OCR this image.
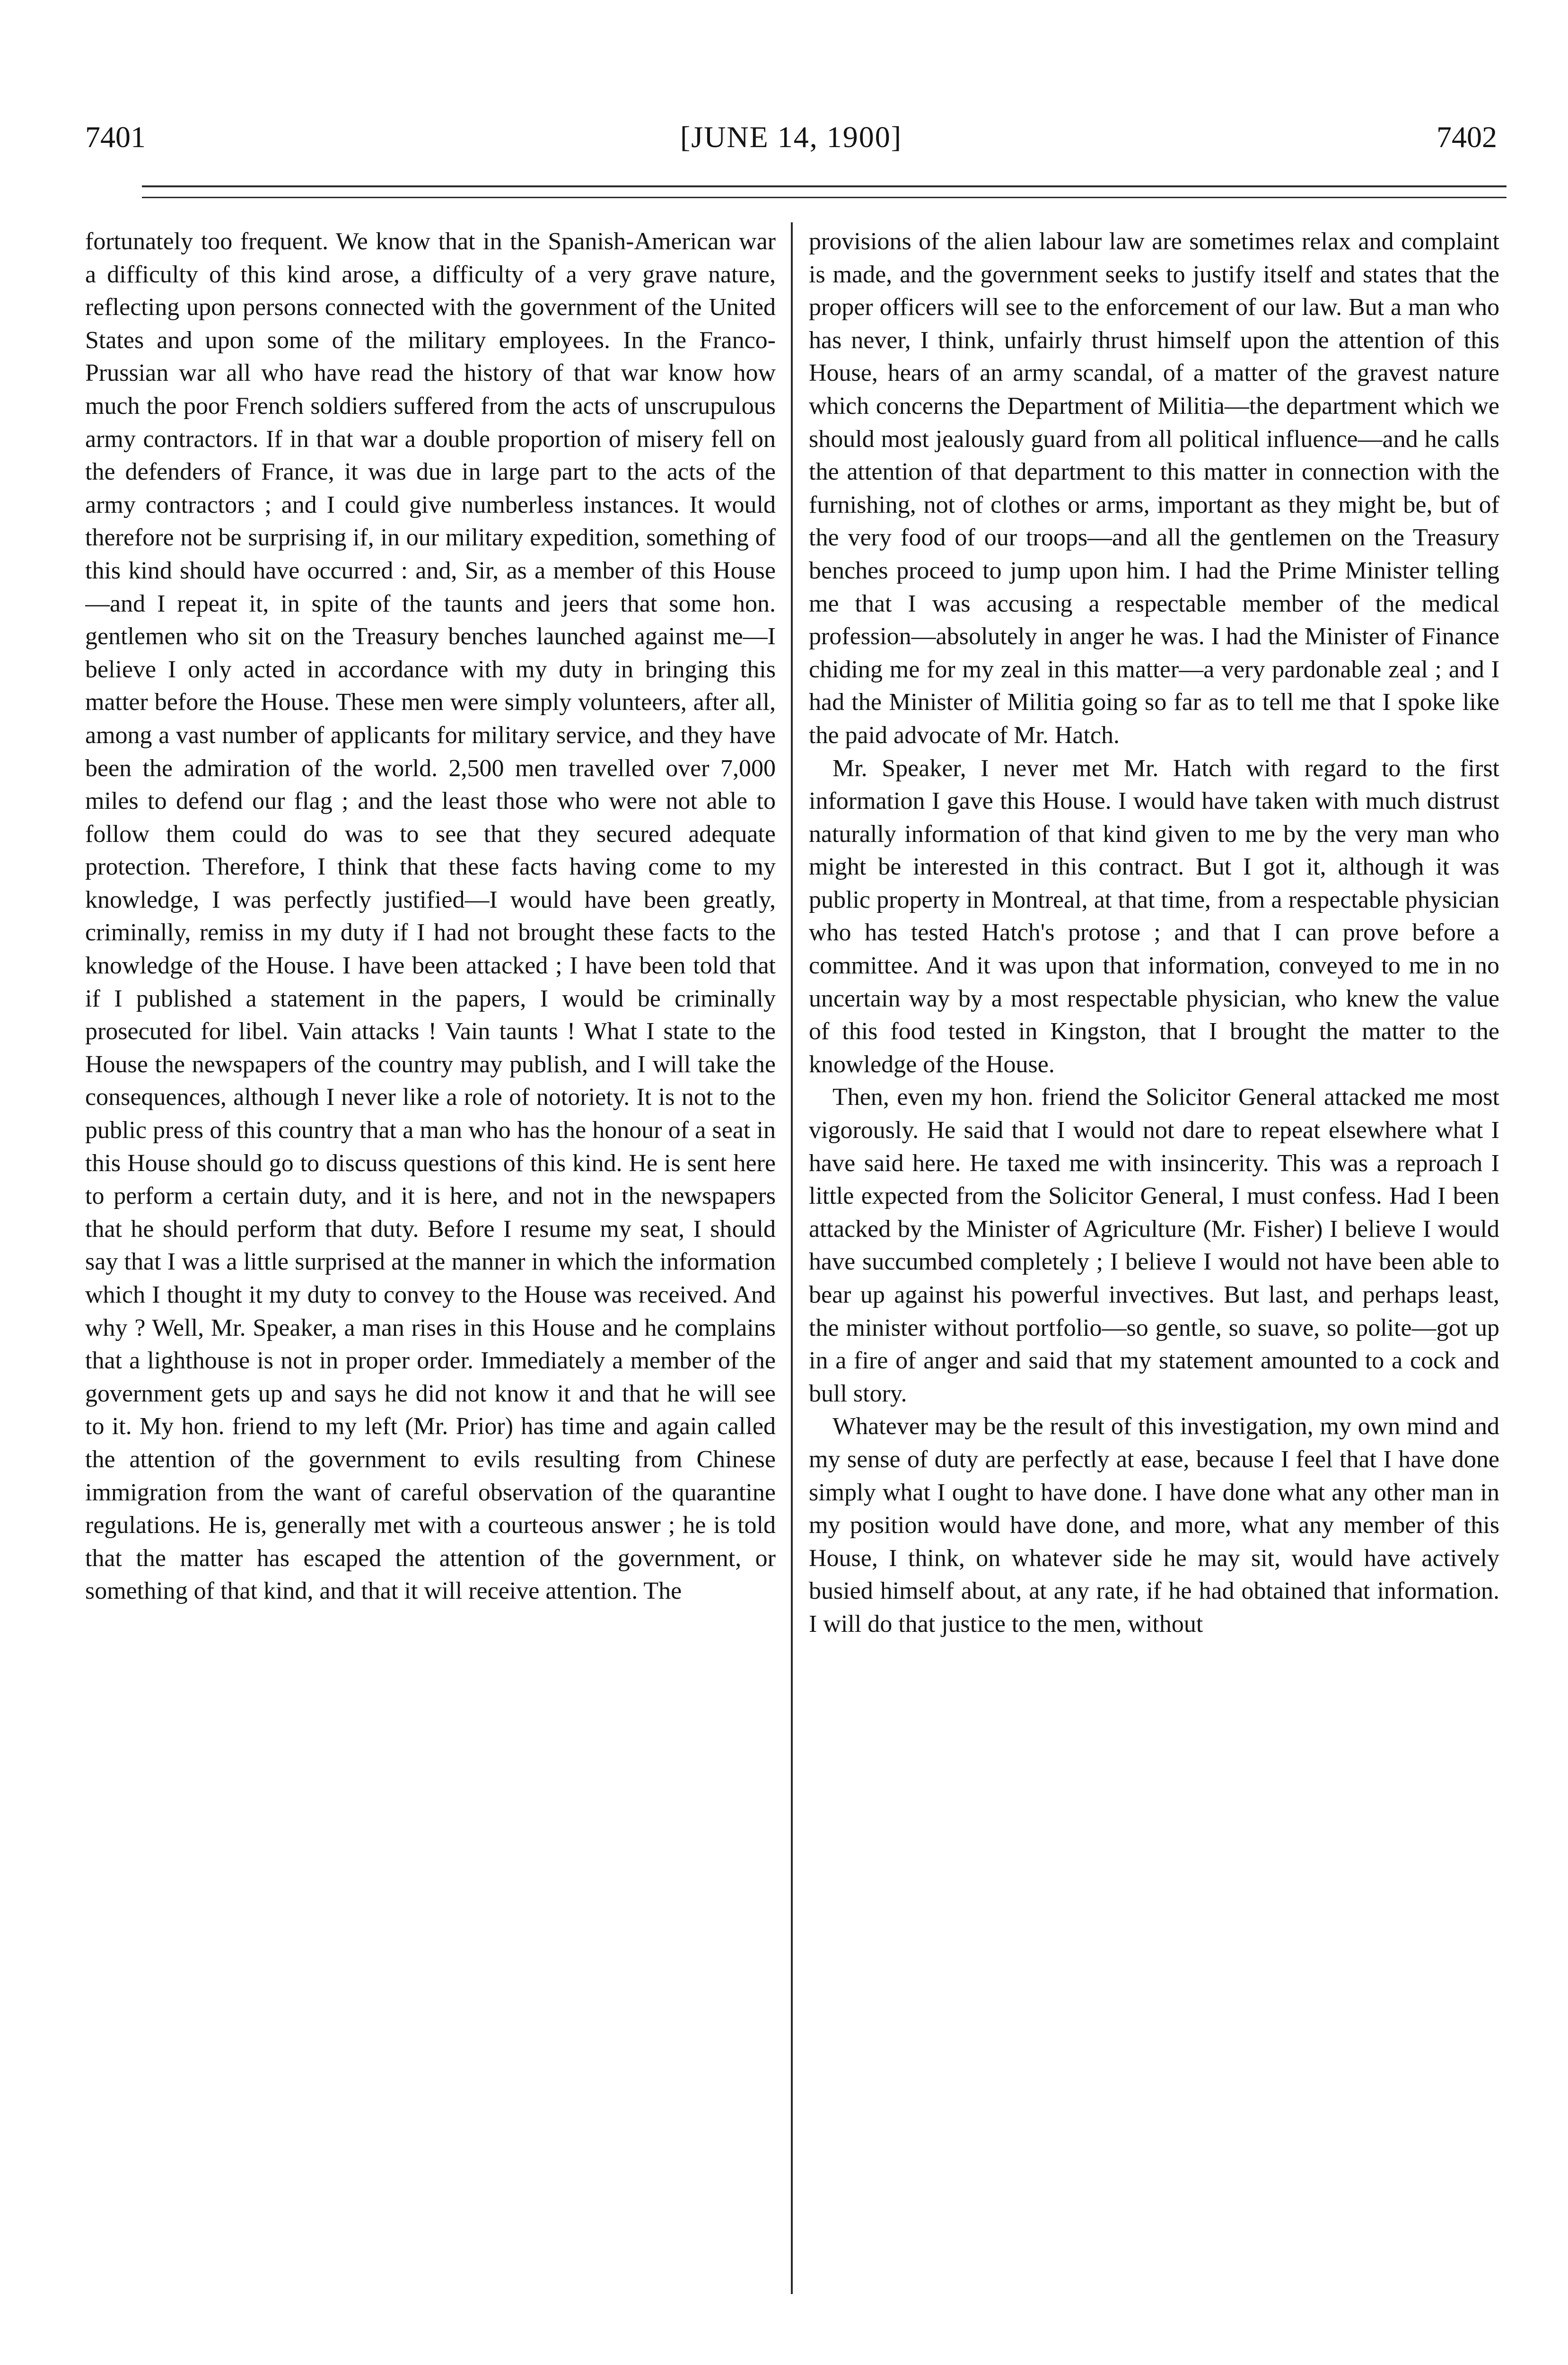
7401	[JUNE 14, 1900]	7402

fortunately too frequent. We know that in the Spanish-American war a difficulty of this kind arose, a difficulty of a very grave nature, reflecting upon persons connected with the government of the United States and upon some of the military employees. In the Franco-Prussian war all who have read the history of that war know how much the poor French soldiers suffered from the acts of unscrupulous army contractors. If in that war a double proportion of misery fell on the defenders of France, it was due in large part to the acts of the army contractors ; and I could give numberless instances. It would therefore not be surprising if, in our military expedition, something of this kind should have occurred : and, Sir, as a member of this House—and I repeat it, in spite of the taunts and jeers that some hon. gentlemen who sit on the Treasury benches launched against me—I believe I only acted in accordance with my duty in bringing this matter before the House. These men were simply volunteers, after all, among a vast number of applicants for military service, and they have been the admiration of the world. 2,500 men travelled over 7,000 miles to defend our flag ; and the least those who were not able to follow them could do was to see that they secured adequate protection. Therefore, I think that these facts having come to my knowledge, I was perfectly justified—I would have been greatly, criminally, remiss in my duty if I had not brought these facts to the knowledge of the House. I have been attacked ; I have been told that if I published a statement in the papers, I would be criminally prosecuted for libel. Vain attacks ! Vain taunts ! What I state to the House the newspapers of the country may publish, and I will take the consequences, although I never like a role of notoriety. It is not to the public press of this country that a man who has the honour of a seat in this House should go to discuss questions of this kind. He is sent here to perform a certain duty, and it is here, and not in the newspapers that he should perform that duty. Before I resume my seat, I should say that I was a little surprised at the manner in which the information which I thought it my duty to convey to the House was received. And why ? Well, Mr. Speaker, a man rises in this House and he complains that a lighthouse is not in proper order. Immediately a member of the government gets up and says he did not know it and that he will see to it. My hon. friend to my left (Mr. Prior) has time and again called the attention of the government to evils resulting from Chinese immigration from the want of careful observation of the quarantine regulations. He is, generally met with a courteous answer ; he is told that the matter has escaped the attention of the government, or something of that kind, and that it will receive attention. The

provisions of the alien labour law are sometimes relax and complaint is made, and the government seeks to justify itself and states that the proper officers will see to the enforcement of our law. But a man who has never, I think, unfairly thrust himself upon the attention of this House, hears of an army scandal, of a matter of the gravest nature which concerns the Department of Militia—the department which we should most jealously guard from all political influence—and he calls the attention of that department to this matter in connection with the furnishing, not of clothes or arms, important as they might be, but of the very food of our troops—and all the gentlemen on the Treasury benches proceed to jump upon him. I had the Prime Minister telling me that I was accusing a respectable member of the medical profession—absolutely in anger he was. I had the Minister of Finance chiding me for my zeal in this matter—a very pardonable zeal ; and I had the Minister of Militia going so far as to tell me that I spoke like the paid advocate of Mr. Hatch.

Mr. Speaker, I never met Mr. Hatch with regard to the first information I gave this House. I would have taken with much distrust naturally information of that kind given to me by the very man who might be interested in this contract. But I got it, although it was public property in Montreal, at that time, from a respectable physician who has tested Hatch's protose ; and that I can prove before a committee. And it was upon that information, conveyed to me in no uncertain way by a most respectable physician, who knew the value of this food tested in Kingston, that I brought the matter to the knowledge of the House.

Then, even my hon. friend the Solicitor General attacked me most vigorously. He said that I would not dare to repeat elsewhere what I have said here. He taxed me with insincerity. This was a reproach I little expected from the Solicitor General, I must confess. Had I been attacked by the Minister of Agriculture (Mr. Fisher) I believe I would have succumbed completely ; I believe I would not have been able to bear up against his powerful invectives. But last, and perhaps least, the minister without portfolio—so gentle, so suave, so polite—got up in a fire of anger and said that my statement amounted to a cock and bull story.

Whatever may be the result of this investigation, my own mind and my sense of duty are perfectly at ease, because I feel that I have done simply what I ought to have done. I have done what any other man in my position would have done, and more, what any member of this House, I think, on whatever side he may sit, would have actively busied himself about, at any rate, if he had obtained that information. I will do that justice to the men, without
